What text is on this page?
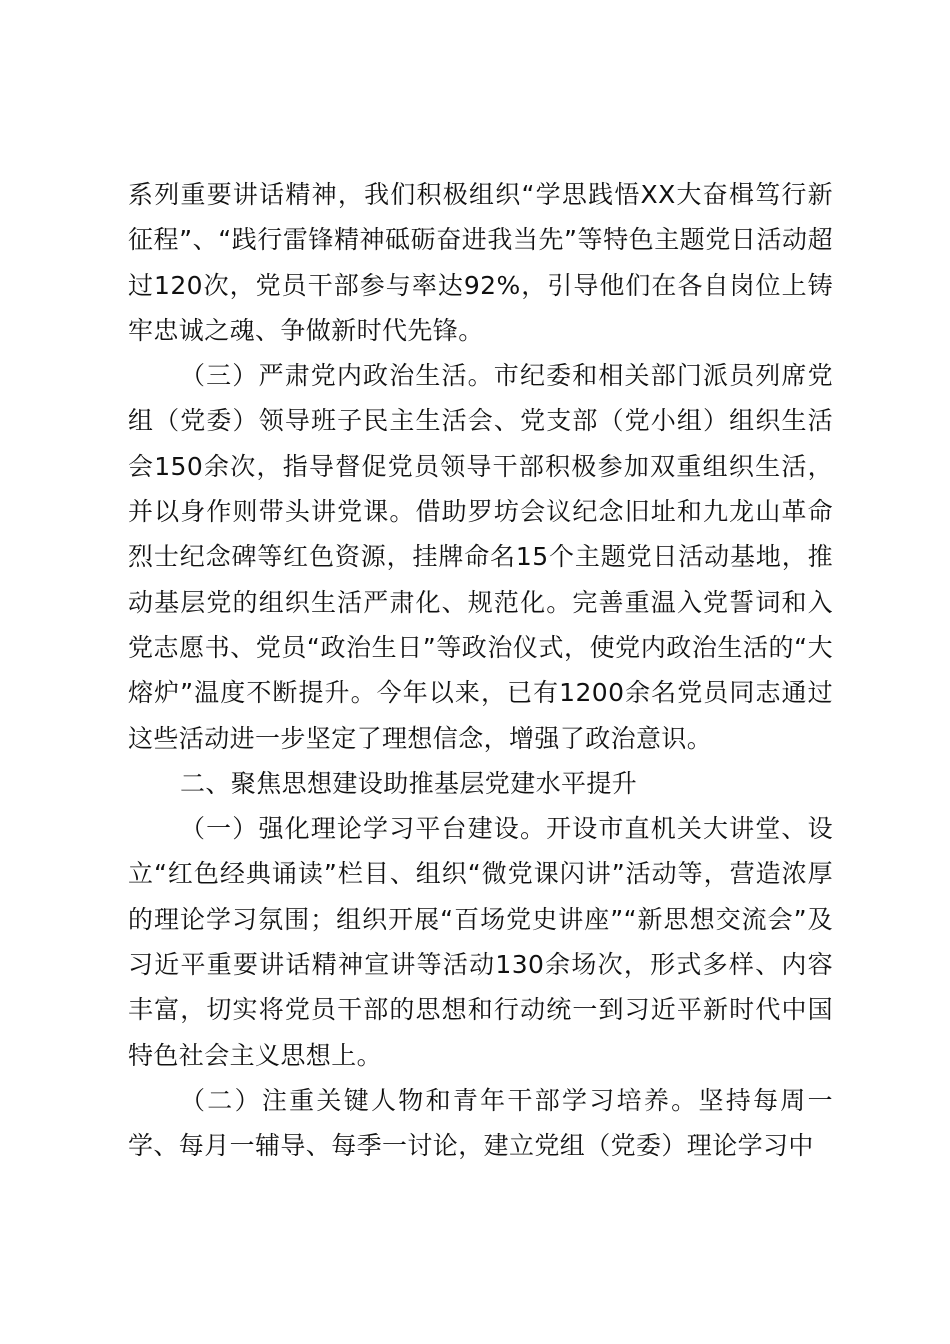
系列重要讲话精神，我们积极组织“学思践悟XX大奋楫笃行新征程”、“践行雷锋精神砥砺奋进我当先”等特色主题党日活动超过120次，党员干部参与率达92%，引导他们在各自岗位上铸牢忠诚之魂、争做新时代先锋。

（三）严肃党内政治生活。市纪委和相关部门派员列席党组（党委）领导班子民主生活会、党支部（党小组）组织生活会150余次，指导督促党员领导干部积极参加双重组织生活，并以身作则带头讲党课。借助罗坊会议纪念旧址和九龙山革命烈士纪念碑等红色资源，挂牌命名15个主题党日活动基地，推动基层党的组织生活严肃化、规范化。完善重温入党誓词和入党志愿书、党员“政治生日”等政治仪式，使党内政治生活的“大熔炉”温度不断提升。今年以来，已有1200余名党员同志通过这些活动进一步坚定了理想信念，增强了政治意识。

二、聚焦思想建设助推基层党建水平提升

（一）强化理论学习平台建设。开设市直机关大讲堂、设立“红色经典诵读”栏目、组织“微党课闪讲”活动等，营造浓厚的理论学习氛围；组织开展“百场党史讲座”“新思想交流会”及习近平重要讲话精神宣讲等活动130余场次，形式多样、内容丰富，切实将党员干部的思想和行动统一到习近平新时代中国特色社会主义思想上。

（二）注重关键人物和青年干部学习培养。坚持每周一学、每月一辅导、每季一讨论，建立党组（党委）理论学习中
